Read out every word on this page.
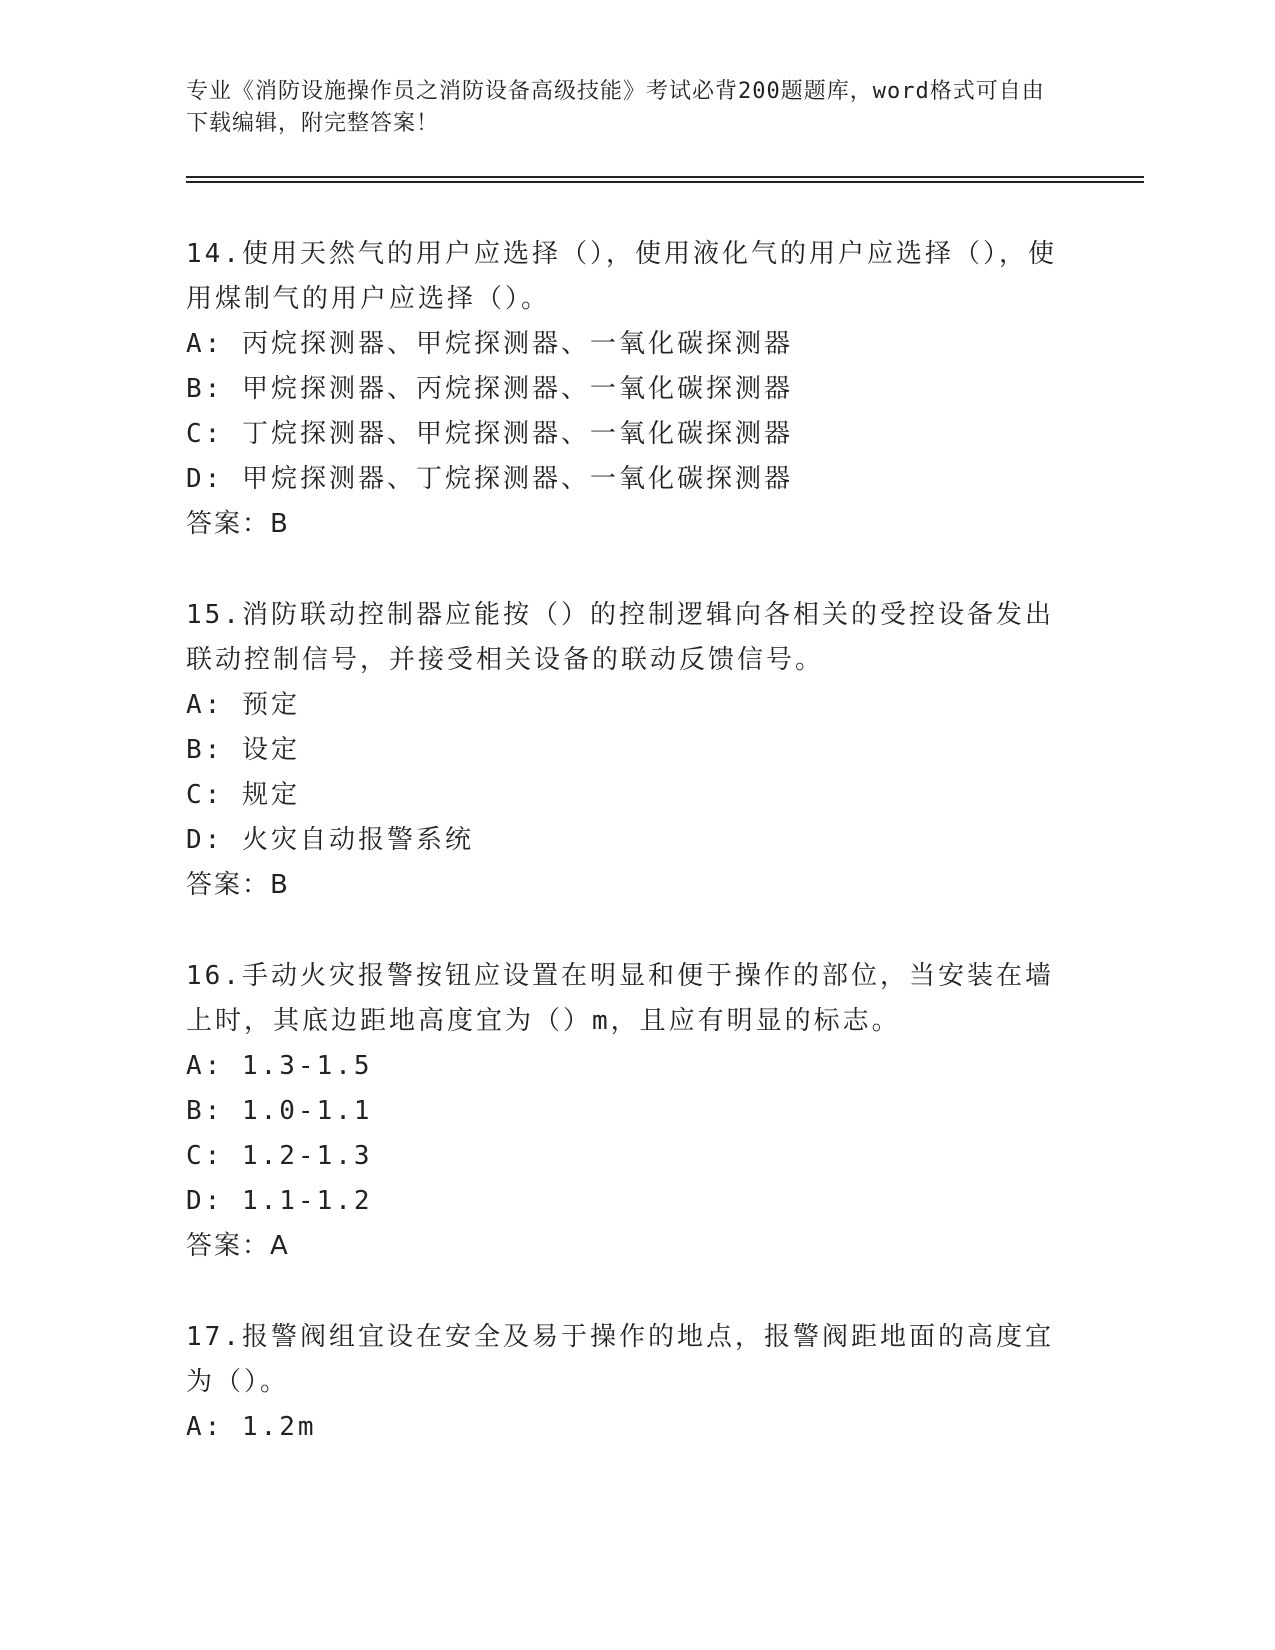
专业《消防设施操作员之消防设备高级技能》考试必背200题题库，word格式可自由下载编辑，附完整答案！

14.使用天然气的用户应选择（），使用液化气的用户应选择（），使用煤制气的用户应选择（）。

A: 丙烷探测器、甲烷探测器、一氧化碳探测器

B: 甲烷探测器、丙烷探测器、一氧化碳探测器

C: 丁烷探测器、甲烷探测器、一氧化碳探测器

D: 甲烷探测器、丁烷探测器、一氧化碳探测器

答案：B

15.消防联动控制器应能按（）的控制逻辑向各相关的受控设备发出联动控制信号，并接受相关设备的联动反馈信号。

A: 预定

B: 设定

C: 规定

D: 火灾自动报警系统

答案：B

16.手动火灾报警按钮应设置在明显和便于操作的部位，当安装在墙上时，其底边距地高度宜为（）m，且应有明显的标志。

A: 1.3-1.5

B: 1.0-1.1

C: 1.2-1.3

D: 1.1-1.2

答案：A

17.报警阀组宜设在安全及易于操作的地点，报警阀距地面的高度宜为（）。

A: 1.2m
